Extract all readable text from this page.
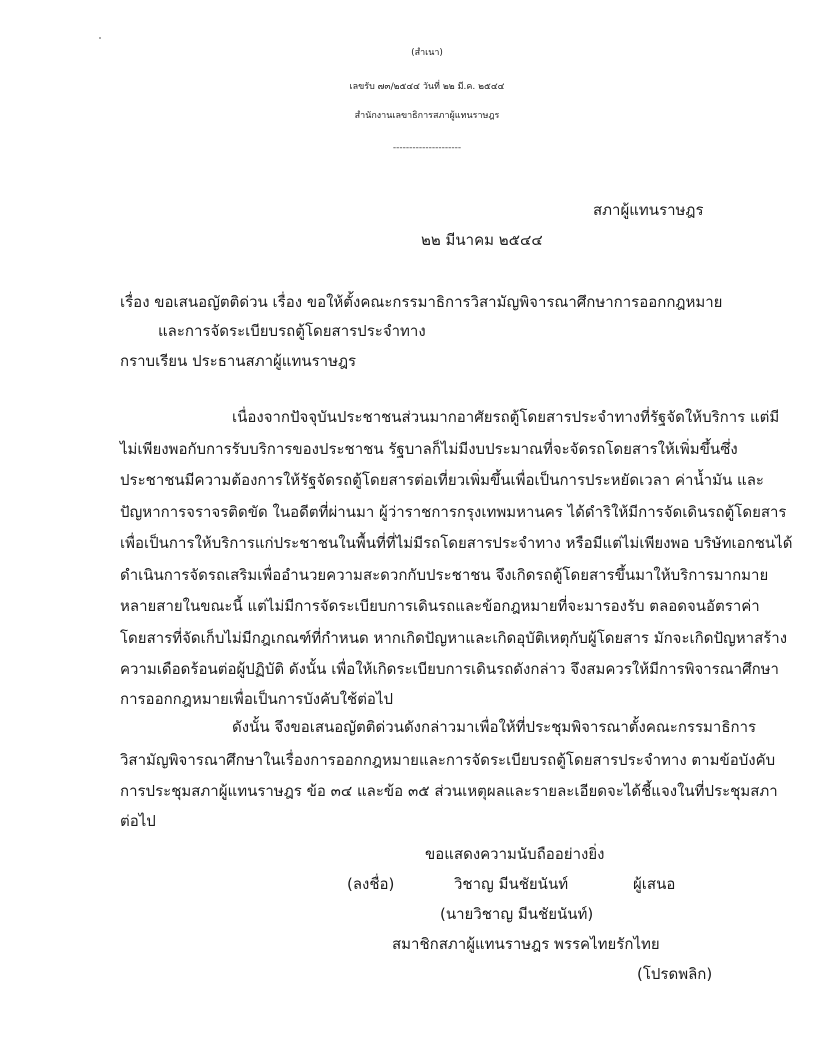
(สำเนา)
เลขรับ ๗๓/๒๕๔๔ วันที่ ๒๒ มี.ค. ๒๕๔๔
สำนักงานเลขาธิการสภาผู้แทนราษฎร
---------------------
สภาผู้แทนราษฎร
๒๒ มีนาคม ๒๕๔๔
เรื่อง ขอเสนอญัตติด่วน เรื่อง ขอให้ตั้งคณะกรรมาธิการวิสามัญพิจารณาศึกษาการออกกฎหมาย
และการจัดระเบียบรถตู้โดยสารประจำทาง
กราบเรียน ประธานสภาผู้แทนราษฎร
เนื่องจากปัจจุบันประชาชนส่วนมากอาศัยรถตู้โดยสารประจำทางที่รัฐจัดให้บริการ แต่มี
ไม่เพียงพอกับการรับบริการของประชาชน รัฐบาลก็ไม่มีงบประมาณที่จะจัดรถโดยสารให้เพิ่มขึ้นซึ่ง
ประชาชนมีความต้องการให้รัฐจัดรถตู้โดยสารต่อเที่ยวเพิ่มขึ้นเพื่อเป็นการประหยัดเวลา ค่าน้ำมัน และ
ปัญหาการจราจรติดขัด ในอดีตที่ผ่านมา ผู้ว่าราชการกรุงเทพมหานคร ได้ดำริให้มีการจัดเดินรถตู้โดยสาร
เพื่อเป็นการให้บริการแก่ประชาชนในพื้นที่ที่ไม่มีรถโดยสารประจำทาง หรือมีแต่ไม่เพียงพอ บริษัทเอกชนได้
ดำเนินการจัดรถเสริมเพื่ออำนวยความสะดวกกับประชาชน จึงเกิดรถตู้โดยสารขึ้นมาให้บริการมากมาย
หลายสายในขณะนี้ แต่ไม่มีการจัดระเบียบการเดินรถและข้อกฎหมายที่จะมารองรับ ตลอดจนอัตราค่า
โดยสารที่จัดเก็บไม่มีกฎเกณฑ์ที่กำหนด หากเกิดปัญหาและเกิดอุบัติเหตุกับผู้โดยสาร มักจะเกิดปัญหาสร้าง
ความเดือดร้อนต่อผู้ปฏิบัติ ดังนั้น เพื่อให้เกิดระเบียบการเดินรถดังกล่าว จึงสมควรให้มีการพิจารณาศึกษา
การออกกฎหมายเพื่อเป็นการบังคับใช้ต่อไป
ดังนั้น จึงขอเสนอญัตติด่วนดังกล่าวมาเพื่อให้ที่ประชุมพิจารณาตั้งคณะกรรมาธิการ
วิสามัญพิจารณาศึกษาในเรื่องการออกกฎหมายและการจัดระเบียบรถตู้โดยสารประจำทาง ตามข้อบังคับ
การประชุมสภาผู้แทนราษฎร ข้อ ๓๔ และข้อ ๓๕ ส่วนเหตุผลและรายละเอียดจะได้ชี้แจงในที่ประชุมสภา
ต่อไป
ขอแสดงความนับถืออย่างยิ่ง
(ลงชื่อ)	วิชาญ มีนชัยนันท์	ผู้เสนอ
(นายวิชาญ มีนชัยนันท์)
สมาชิกสภาผู้แทนราษฎร พรรคไทยรักไทย
(โปรดพลิก)
